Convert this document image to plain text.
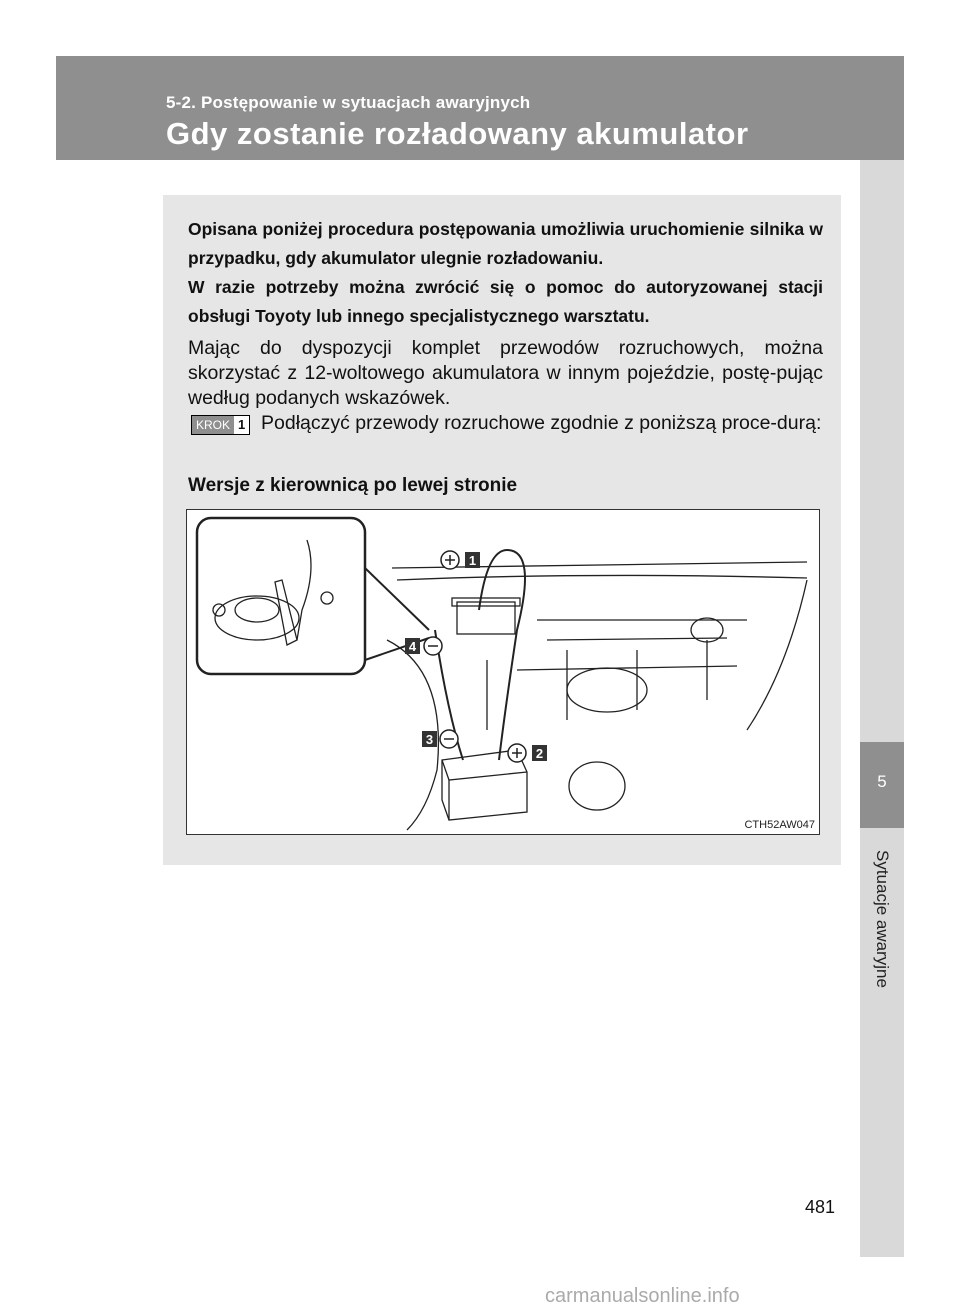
5-2. Postępowanie w sytuacjach awaryjnych
Gdy zostanie rozładowany akumulator
5
Sytuacje awaryjne
Opisana poniżej procedura postępowania umożliwia uruchomienie silnika w przypadku, gdy akumulator ulegnie rozładowaniu.
W razie potrzeby można zwrócić się o pomoc do autoryzowanej stacji obsługi Toyoty lub innego specjalistycznego warsztatu.
Mając do dyspozycji komplet przewodów rozruchowych, można skorzystać z 12-woltowego akumulatora w innym pojeździe, postę-pując według podanych wskazówek.
KROK 1 Podłączyć przewody rozruchowe zgodnie z poniższą proce-durą:
Wersje z kierownicą po lewej stronie
1
2
3
4
CTH52AW047
481
carmanualsonline.info
